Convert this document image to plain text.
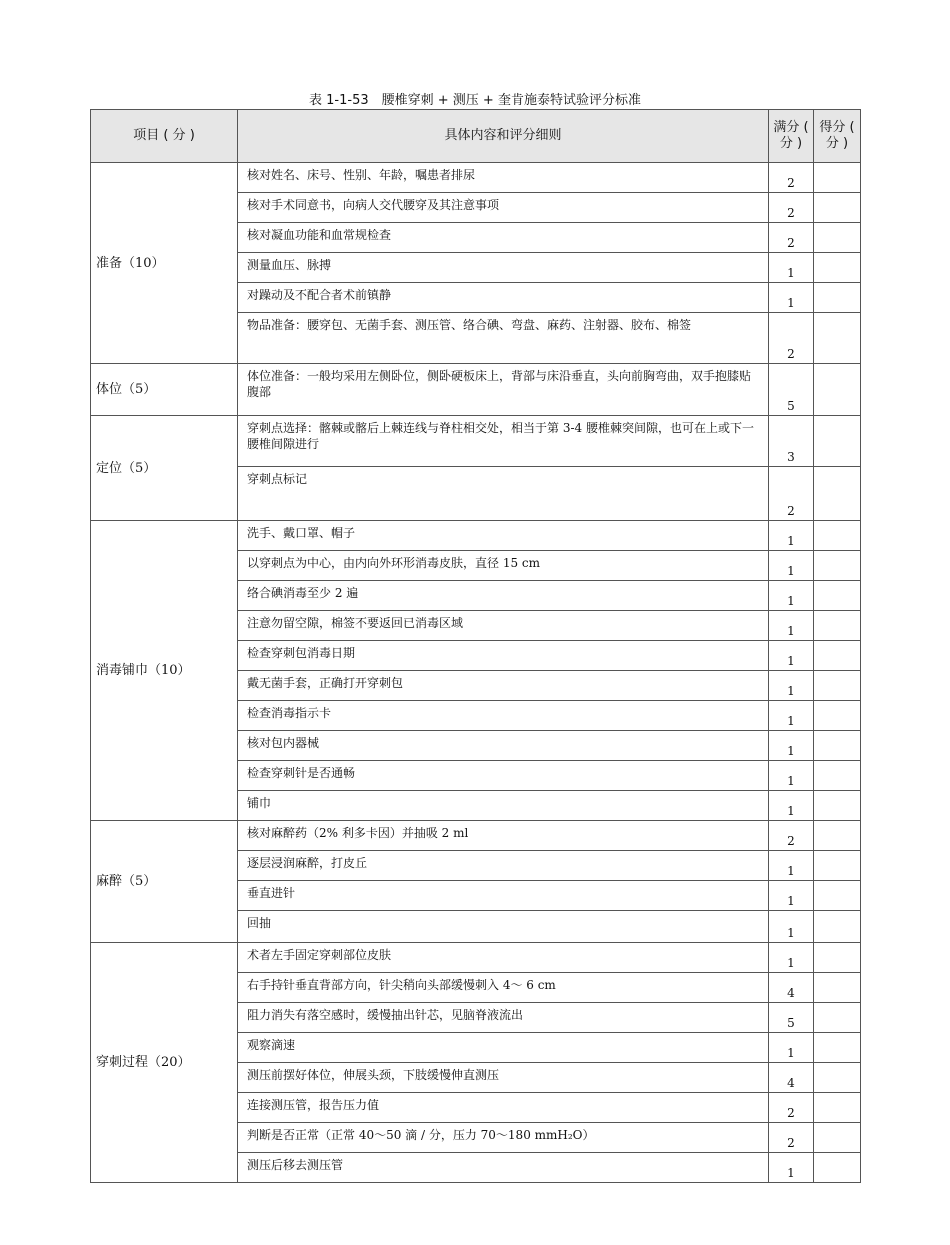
表 1-1-53　腰椎穿刺 + 测压 + 奎肯施泰特试验评分标准
项目 ( 分 )	具体内容和评分细则	满分 ( 分 )	得分 ( 分 )
准备（10）	核对姓名、床号、性别、年龄，嘱患者排尿	2	
	核对手术同意书，向病人交代腰穿及其注意事项	2	
	核对凝血功能和血常规检查	2	
	测量血压、脉搏	1	
	对躁动及不配合者术前镇静	1	
	物品准备：腰穿包、无菌手套、测压管、络合碘、弯盘、麻药、注射器、胶布、棉签	2	
体位（5）	体位准备：一般均采用左侧卧位，侧卧硬板床上，背部与床沿垂直，头向前胸弯曲，双手抱膝贴腹部	5	
定位（5）	穿刺点选择：髂棘或髂后上棘连线与脊柱相交处，相当于第 3-4 腰椎棘突间隙，也可在上或下一腰椎间隙进行	3	
	穿刺点标记	2	
消毒铺巾（10）	洗手、戴口罩、帽子	1	
	以穿刺点为中心，由内向外环形消毒皮肤，直径 15 cm	1	
	络合碘消毒至少 2 遍	1	
	注意勿留空隙，棉签不要返回已消毒区域	1	
	检查穿刺包消毒日期	1	
	戴无菌手套，正确打开穿刺包	1	
	检查消毒指示卡	1	
	核对包内器械	1	
	检查穿刺针是否通畅	1	
	铺巾	1	
麻醉（5）	核对麻醉药（2% 利多卡因）并抽吸 2 ml	2	
	逐层浸润麻醉，打皮丘	1	
	垂直进针	1	
	回抽	1	
穿刺过程（20）	术者左手固定穿刺部位皮肤	1	
	右手持针垂直背部方向，针尖稍向头部缓慢刺入 4～ 6 cm	4	
	阻力消失有落空感时，缓慢抽出针芯，见脑脊液流出	5	
	观察滴速	1	
	测压前摆好体位，伸展头颈，下肢缓慢伸直测压	4	
	连接测压管，报告压力值	2	
	判断是否正常（正常 40～50 滴 / 分，压力 70～180 mmH₂O）	2	
	测压后移去测压管	1	
